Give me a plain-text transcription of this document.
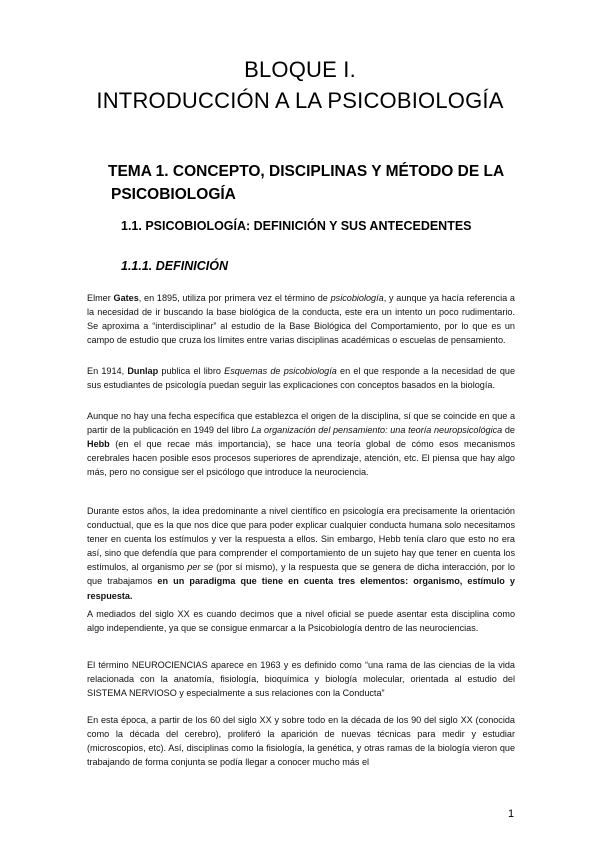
BLOQUE I.
INTRODUCCIÓN A LA PSICOBIOLOGÍA
TEMA 1. CONCEPTO, DISCIPLINAS Y MÉTODO DE LA
PSICOBIOLOGÍA
1.1. PSICOBIOLOGÍA: DEFINICIÓN Y SUS ANTECEDENTES
1.1.1. DEFINICIÓN

Elmer Gates, en 1895, utiliza por primera vez el término de psicobiología, y aunque ya hacía referencia a la necesidad de ir buscando la base biológica de la conducta, este era un intento un poco rudimentario. Se aproxima a “interdisciplinar” al estudio de la Base Biológica del Comportamiento, por lo que es un campo de estudio que cruza los límites entre varias disciplinas académicas o escuelas de pensamiento.

En 1914, Dunlap publica el libro Esquemas de psicobiología en el que responde a la necesidad de que sus estudiantes de psicología puedan seguir las explicaciones con conceptos basados en la biología.

Aunque no hay una fecha específica que establezca el origen de la disciplina, sí que se coincide en que a partir de la publicación en 1949 del libro La organización del pensamiento: una teoría neuropsicológica de Hebb (en el que recae más importancia), se hace una teoría global de cómo esos mecanismos cerebrales hacen posible esos procesos superiores de aprendizaje, atención, etc. El piensa que hay algo más, pero no consigue ser el psicólogo que introduce la neurociencia.

Durante estos años, la idea predominante a nivel científico en psicología era precisamente la orientación conductual, que es la que nos dice que para poder explicar cualquier conducta humana solo necesitamos tener en cuenta los estímulos y ver la respuesta a ellos. Sin embargo, Hebb tenía claro que esto no era así, sino que defendía que para comprender el comportamiento de un sujeto hay que tener en cuenta los estímulos, al organismo per se (por sí mismo), y la respuesta que se genera de dicha interacción, por lo que trabajamos en un paradigma que tiene en cuenta tres elementos: organismo, estímulo y respuesta.

A mediados del siglo XX es cuando decimos que a nivel oficial se puede asentar esta disciplina como algo independiente, ya que se consigue enmarcar a la Psicobiología dentro de las neurociencias.

El término NEUROCIENCIAS aparece en 1963 y es definido como “una rama de las ciencias de la vida relacionada con la anatomía, fisiología, bioquímica y biología molecular, orientada al estudio del SISTEMA NERVIOSO y especialmente a sus relaciones con la Conducta”

En esta época, a partir de los 60 del siglo XX y sobre todo en la década de los 90 del siglo XX (conocida como la década del cerebro), proliferó la aparición de nuevas técnicas para medir y estudiar (microscopios, etc). Así, disciplinas como la fisiología, la genética, y otras ramas de la biología vieron que trabajando de forma conjunta se podía llegar a conocer mucho más el

1
